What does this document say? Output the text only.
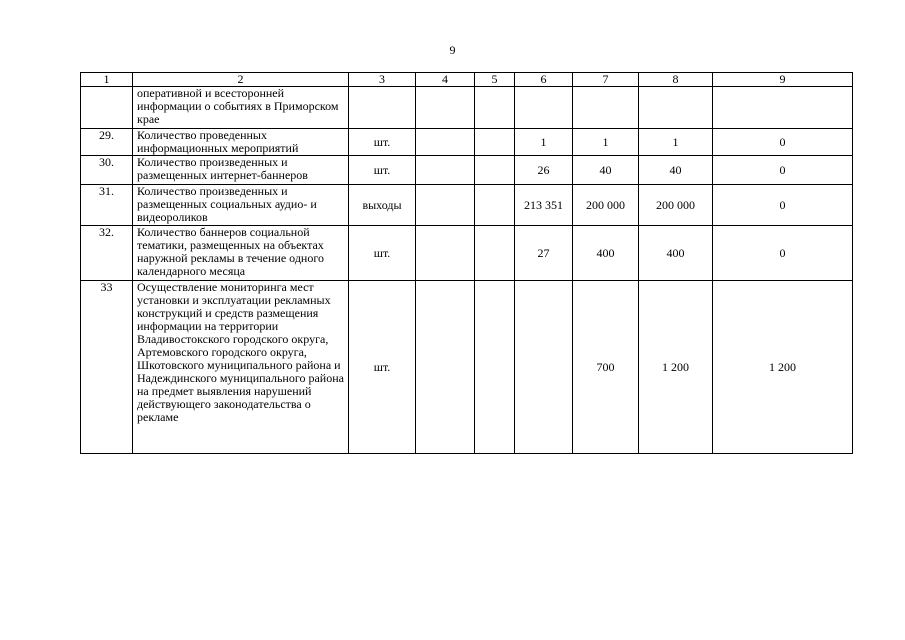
9
1	2	3	4	5	6	7	8	9
	оперативной и всесторонней информации о событиях в Приморском крае							
29.	Количество проведенных информационных мероприятий	шт.			1	1	1	0
30.	Количество произведенных и размещенных интернет-баннеров	шт.			26	40	40	0
31.	Количество произведенных и размещенных социальных аудио- и видеороликов	выходы			213 351	200 000	200 000	0
32.	Количество баннеров социальной тематики, размещенных на объектах наружной рекламы в течение одного календарного месяца	шт.			27	400	400	0
33	Осуществление мониторинга мест установки и эксплуатации рекламных конструкций и средств размещения информации на территории Владивостокского городского округа, Артемовского городского округа, Шкотовского муниципального района и Надеждинского муниципального района на предмет выявления нарушений действующего законодательства о рекламе	шт.				700	1 200	1 200
